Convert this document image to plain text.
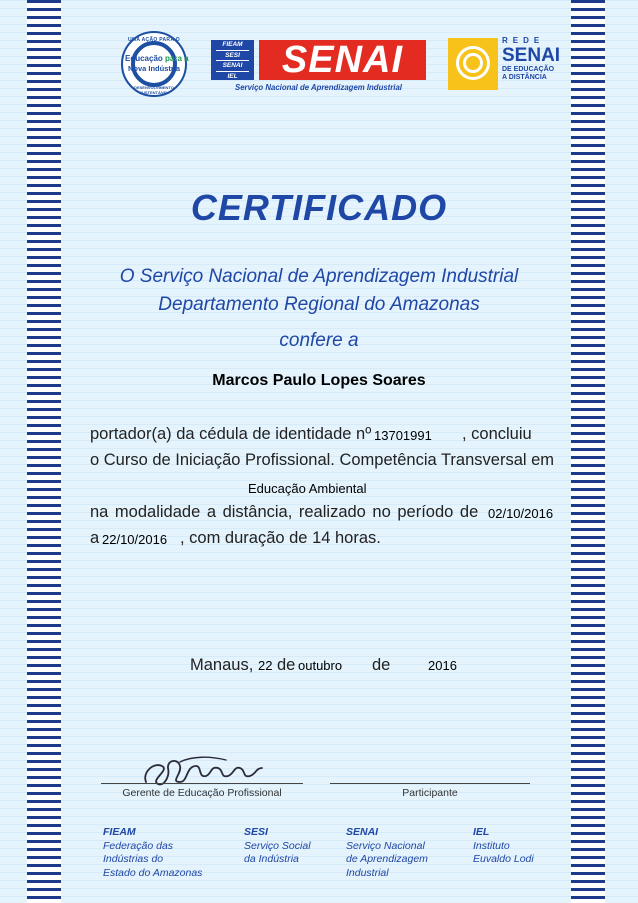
UMA AÇÃO PARA O
Educação para a
Nova Indústria
DESENVOLVIMENTO SUSTENTÁVEL
FIEAM
SESI
SENAI
IEL	SENAI
Serviço Nacional de Aprendizagem Industrial
REDE
SENAI
DE EDUCAÇÃO
A DISTÂNCIA
CERTIFICADO
O Serviço Nacional de Aprendizagem Industrial
Departamento Regional do Amazonas
confere a
Marcos Paulo Lopes Soares
portador(a) da cédula de identidade nº 13701991 , concluiu
o Curso de Iniciação Profissional. Competência Transversal em
Educação Ambiental
na modalidade a distância, realizado no período de 02/10/2016
a 22/10/2016 , com duração de 14 horas.
Manaus, 22 de outubro de	2016
Gerente de Educação Profissional	Participante
FIEAM
Federação das
Indústrias do
Estado do Amazonas
SESI
Serviço Social
da Indústria
SENAI
Serviço Nacional
de Aprendizagem
Industrial
IEL
Instituto
Euvaldo Lodi
